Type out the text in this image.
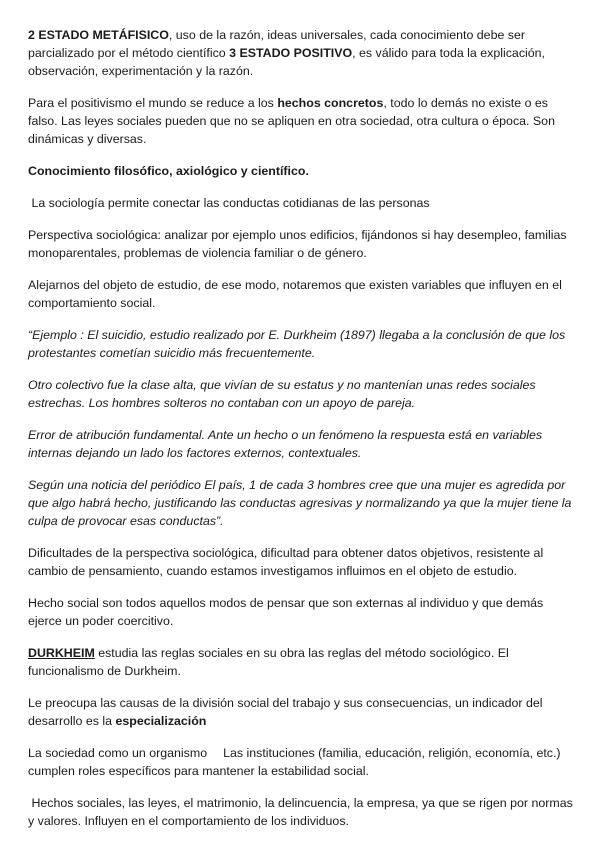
2 ESTADO METÁFISICO, uso de la razón, ideas universales, cada conocimiento debe ser parcializado por el método científico 3 ESTADO POSITIVO, es válido para toda la explicación, observación, experimentación y la razón.

Para el positivismo el mundo se reduce a los hechos concretos, todo lo demás no existe o es falso. Las leyes sociales pueden que no se apliquen en otra sociedad, otra cultura o época. Son dinámicas y diversas.

Conocimiento filosófico, axiológico y científico.

La sociología permite conectar las conductas cotidianas de las personas

Perspectiva sociológica: analizar por ejemplo unos edificios, fijándonos si hay desempleo, familias monoparentales, problemas de violencia familiar o de género.

Alejarnos del objeto de estudio, de ese modo, notaremos que existen variables que influyen en el comportamiento social.

“Ejemplo : El suicidio, estudio realizado por E. Durkheim (1897) llegaba a la conclusión de que los protestantes cometían suicidio más frecuentemente.

Otro colectivo fue la clase alta, que vivían de su estatus y no mantenían unas redes sociales estrechas. Los hombres solteros no contaban con un apoyo de pareja.

Error de atribución fundamental. Ante un hecho o un fenómeno la respuesta está en variables internas dejando un lado los factores externos, contextuales.

Según una noticia del periódico El país, 1 de cada 3 hombres cree que una mujer es agredida por que algo habrá hecho, justificando las conductas agresivas y normalizando ya que la mujer tiene la culpa de provocar esas conductas”.

Dificultades de la perspectiva sociológica, dificultad para obtener datos objetivos, resistente al cambio de pensamiento, cuando estamos investigamos influimos en el objeto de estudio.

Hecho social son todos aquellos modos de pensar que son externas al individuo y que demás ejerce un poder coercitivo.

DURKHEIM estudia las reglas sociales en su obra las reglas del método sociológico. El funcionalismo de Durkheim.

Le preocupa las causas de la división social del trabajo y sus consecuencias, un indicador del desarrollo es la especialización

La sociedad como un organismo Las instituciones (familia, educación, religión, economía, etc.) cumplen roles específicos para mantener la estabilidad social.

Hechos sociales, las leyes, el matrimonio, la delincuencia, la empresa, ya que se rigen por normas y valores. Influyen en el comportamiento de los individuos.
